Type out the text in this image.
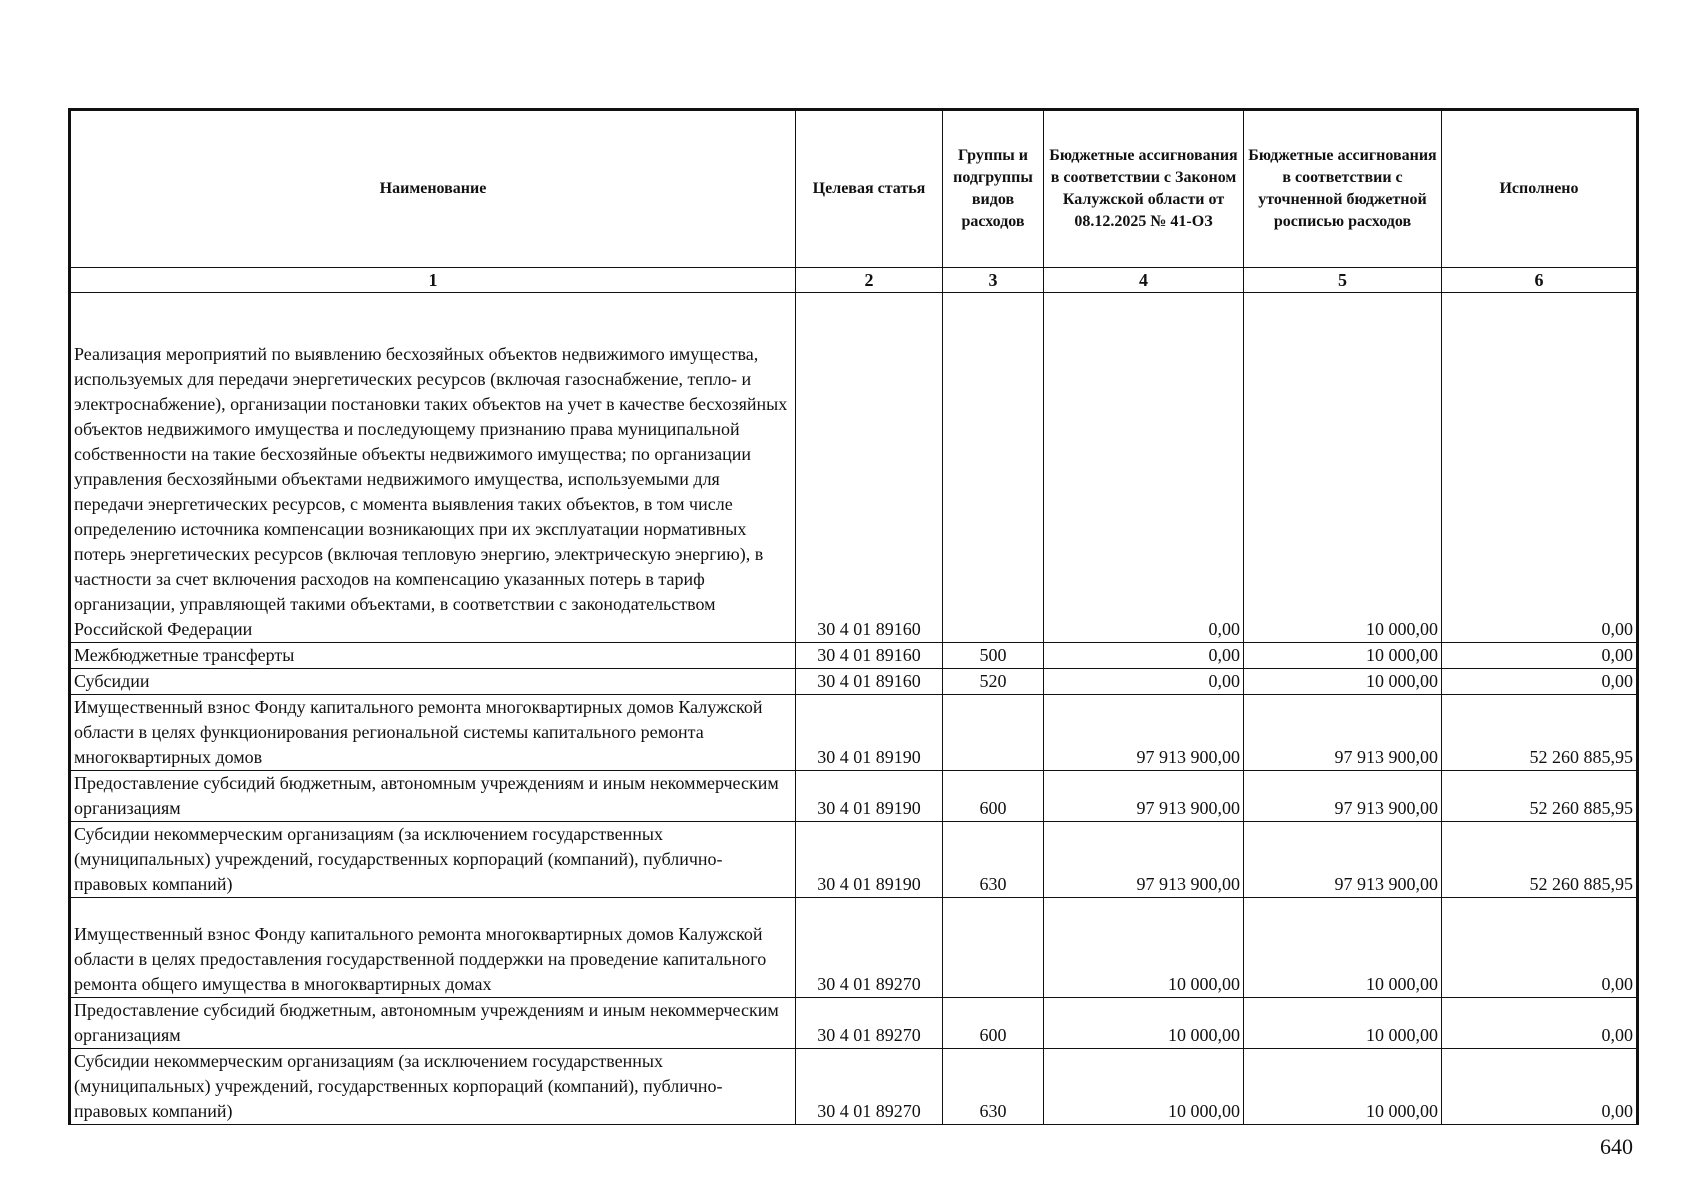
Наименование	Целевая статья	Группы и подгруппы видов расходов	Бюджетные ассигнования в соответствии с Законом Калужской области от 08.12.2025 № 41-ОЗ	Бюджетные ассигнования в соответствии с уточненной бюджетной росписью расходов	Исполнено
1	2	3	4	5	6
Реализация мероприятий по выявлению бесхозяйных объектов недвижимого имущества, используемых для передачи энергетических ресурсов (включая газоснабжение, тепло- и электроснабжение), организации постановки таких объектов на учет в качестве бесхозяйных объектов недвижимого имущества и последующему признанию права муниципальной собственности на такие бесхозяйные объекты недвижимого имущества; по организации управления бесхозяйными объектами недвижимого имущества, используемыми для передачи энергетических ресурсов, с момента выявления таких объектов, в том числе определению источника компенсации возникающих при их эксплуатации нормативных потерь энергетических ресурсов (включая тепловую энергию, электрическую энергию), в частности за счет включения расходов на компенсацию указанных потерь в тариф организации, управляющей такими объектами, в соответствии с законодательством Российской Федерации	30 4 01 89160		0,00	10 000,00	0,00
Межбюджетные трансферты	30 4 01 89160	500	0,00	10 000,00	0,00
Субсидии	30 4 01 89160	520	0,00	10 000,00	0,00
Имущественный взнос Фонду капитального ремонта многоквартирных домов Калужской области в целях функционирования региональной системы капитального ремонта многоквартирных домов	30 4 01 89190		97 913 900,00	97 913 900,00	52 260 885,95
Предоставление субсидий бюджетным, автономным учреждениям и иным некоммерческим организациям	30 4 01 89190	600	97 913 900,00	97 913 900,00	52 260 885,95
Субсидии некоммерческим организациям (за исключением государственных (муниципальных) учреждений, государственных корпораций (компаний), публично-правовых компаний)	30 4 01 89190	630	97 913 900,00	97 913 900,00	52 260 885,95
Имущественный взнос Фонду капитального ремонта многоквартирных домов Калужской области в целях предоставления государственной поддержки на проведение капитального ремонта общего имущества в многоквартирных домах	30 4 01 89270		10 000,00	10 000,00	0,00
Предоставление субсидий бюджетным, автономным учреждениям и иным некоммерческим организациям	30 4 01 89270	600	10 000,00	10 000,00	0,00
Субсидии некоммерческим организациям (за исключением государственных (муниципальных) учреждений, государственных корпораций (компаний), публично-правовых компаний)	30 4 01 89270	630	10 000,00	10 000,00	0,00
640
